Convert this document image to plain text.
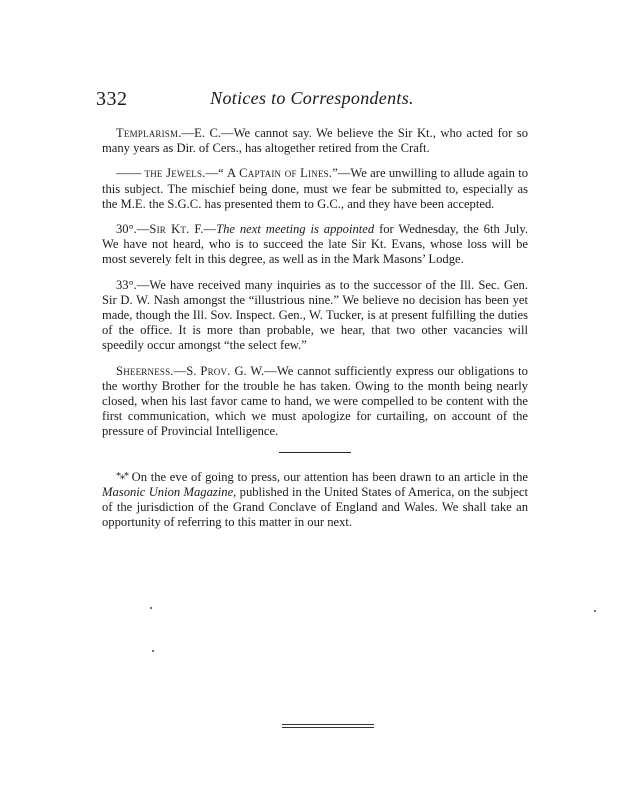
332	Notices to Correspondents.

Templarism.—E. C.—We cannot say. We believe the Sir Kt., who acted for so many years as Dir. of Cers., has altogether retired from the Craft.

—— the Jewels.—“ A Captain of Lines.”—We are unwilling to allude again to this subject. The mischief being done, must we fear be submitted to, especially as the M.E. the S.G.C. has presented them to G.C., and they have been accepted.

30°.—Sir Kt. F.—The next meeting is appointed for Wednesday, the 6th July. We have not heard, who is to succeed the late Sir Kt. Evans, whose loss will be most severely felt in this degree, as well as in the Mark Masons’ Lodge.

33°.—We have received many inquiries as to the successor of the Ill. Sec. Gen. Sir D. W. Nash amongst the “illustrious nine.” We believe no decision has been yet made, though the Ill. Sov. Inspect. Gen., W. Tucker, is at present fulfilling the duties of the office. It is more than probable, we hear, that two other vacancies will speedily occur amongst “the select few.”

Sheerness.—S. Prov. G. W.—We cannot sufficiently express our obligations to the worthy Brother for the trouble he has taken. Owing to the month being nearly closed, when his last favor came to hand, we were compelled to be content with the first communication, which we must apologize for curtailing, on account of the pressure of Provincial Intelligence.

*⁎* On the eve of going to press, our attention has been drawn to an article in the Masonic Union Magazine, published in the United States of America, on the subject of the jurisdiction of the Grand Conclave of England and Wales. We shall take an opportunity of referring to this matter in our next.
